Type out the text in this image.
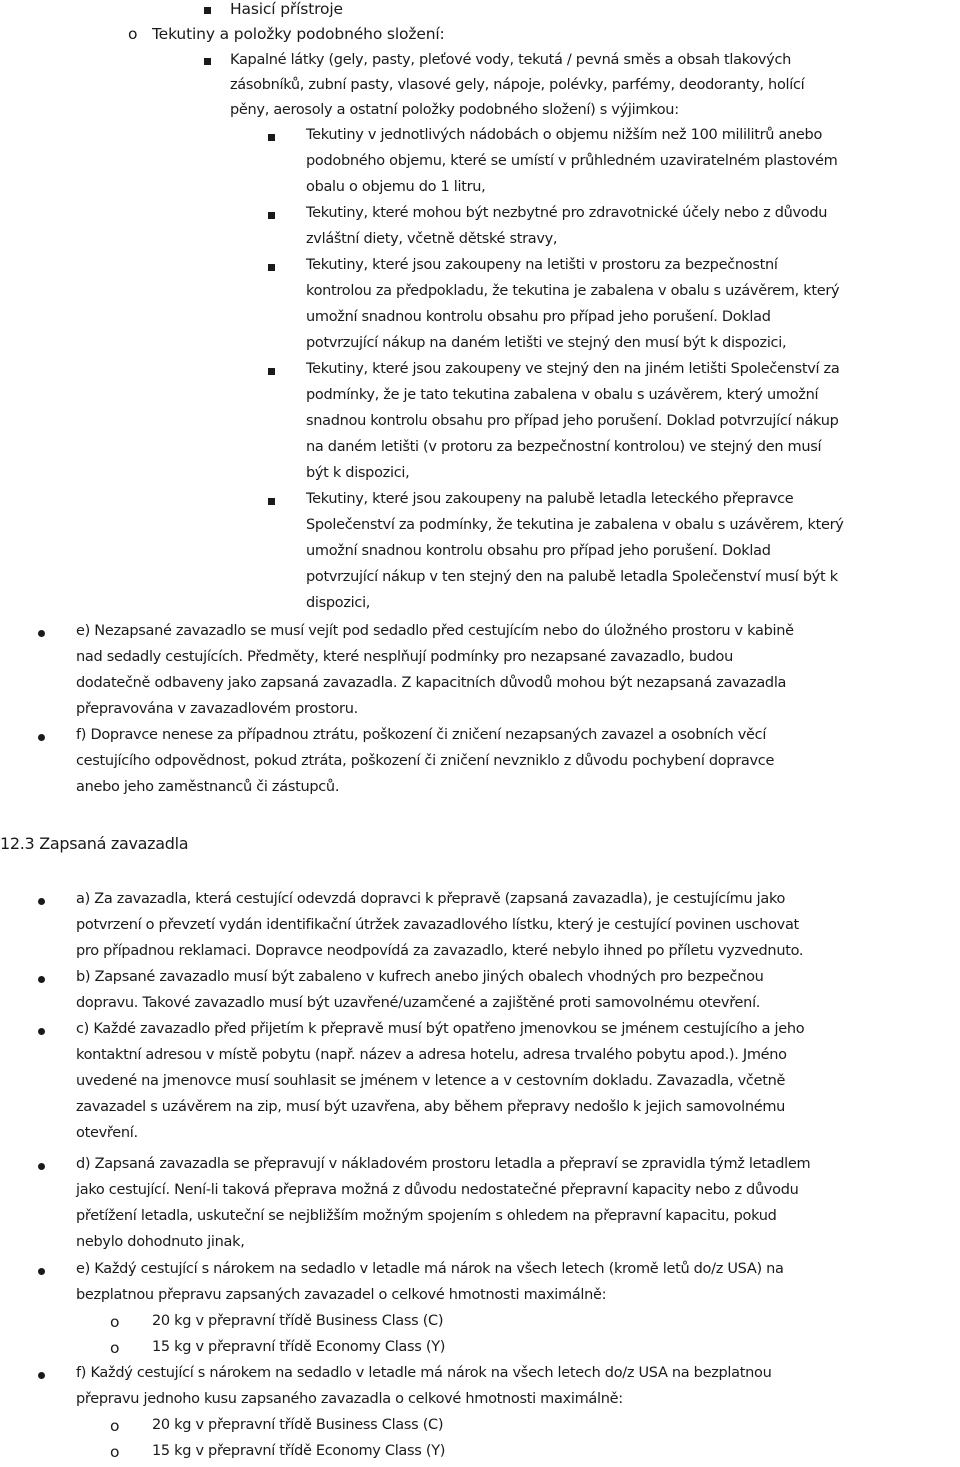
Hasicí přístroje
o Tekutiny a položky podobného složení:
Kapalné látky (gely, pasty, pleťové vody, tekutá / pevná směs a obsah tlakových
zásobníků, zubní pasty, vlasové gely, nápoje, polévky, parfémy, deodoranty, holící
pěny, aerosoly a ostatní položky podobného složení) s výjimkou:
Tekutiny v jednotlivých nádobách o objemu nižším než 100 mililitrů anebo
podobného objemu, které se umístí v průhledném uzaviratelném plastovém
obalu o objemu do 1 litru,
Tekutiny, které mohou být nezbytné pro zdravotnické účely nebo z důvodu
zvláštní diety, včetně dětské stravy,
Tekutiny, které jsou zakoupeny na letišti v prostoru za bezpečnostní
kontrolou za předpokladu, že tekutina je zabalena v obalu s uzávěrem, který
umožní snadnou kontrolu obsahu pro případ jeho porušení. Doklad
potvrzující nákup na daném letišti ve stejný den musí být k dispozici,
Tekutiny, které jsou zakoupeny ve stejný den na jiném letišti Společenství za
podmínky, že je tato tekutina zabalena v obalu s uzávěrem, který umožní
snadnou kontrolu obsahu pro případ jeho porušení. Doklad potvrzující nákup
na daném letišti (v protoru za bezpečnostní kontrolou) ve stejný den musí
být k dispozici,
Tekutiny, které jsou zakoupeny na palubě letadla leteckého přepravce
Společenství za podmínky, že tekutina je zabalena v obalu s uzávěrem, který
umožní snadnou kontrolu obsahu pro případ jeho porušení. Doklad
potvrzující nákup v ten stejný den na palubě letadla Společenství musí být k
dispozici,
e) Nezapsané zavazadlo se musí vejít pod sedadlo před cestujícím nebo do úložného prostoru v kabině
nad sedadly cestujících. Předměty, které nesplňují podmínky pro nezapsané zavazadlo, budou
dodatečně odbaveny jako zapsaná zavazadla. Z kapacitních důvodů mohou být nezapsaná zavazadla
přepravována v zavazadlovém prostoru.
f) Dopravce nenese za případnou ztrátu, poškození či zničení nezapsaných zavazel a osobních věcí
cestujícího odpovědnost, pokud ztráta, poškození či zničení nevzniklo z důvodu pochybení dopravce
anebo jeho zaměstnanců či zástupců.
12.3 Zapsaná zavazadla
a) Za zavazadla, která cestující odevzdá dopravci k přepravě (zapsaná zavazadla), je cestujícímu jako
potvrzení o převzetí vydán identifikační útržek zavazadlového lístku, který je cestující povinen uschovat
pro případnou reklamaci. Dopravce neodpovídá za zavazadlo, které nebylo ihned po příletu vyzvednuto.
b) Zapsané zavazadlo musí být zabaleno v kufrech anebo jiných obalech vhodných pro bezpečnou
dopravu. Takové zavazadlo musí být uzavřené/uzamčené a zajištěné proti samovolnému otevření.
c) Každé zavazadlo před přijetím k přepravě musí být opatřeno jmenovkou se jménem cestujícího a jeho
kontaktní adresou v místě pobytu (např. název a adresa hotelu, adresa trvalého pobytu apod.). Jméno
uvedené na jmenovce musí souhlasit se jménem v letence a v cestovním dokladu. Zavazadla, včetně
zavazadel s uzávěrem na zip, musí být uzavřena, aby během přepravy nedošlo k jejich samovolnému
otevření.
d) Zapsaná zavazadla se přepravují v nákladovém prostoru letadla a přepraví se zpravidla týmž letadlem
jako cestující. Není-li taková přeprava možná z důvodu nedostatečné přepravní kapacity nebo z důvodu
přetížení letadla, uskuteční se nejbližším možným spojením s ohledem na přepravní kapacitu, pokud
nebylo dohodnuto jinak,
e) Každý cestující s nárokem na sedadlo v letadle má nárok na všech letech (kromě letů do/z USA) na
bezplatnou přepravu zapsaných zavazadel o celkové hmotnosti maximálně:
o 20 kg v přepravní třídě Business Class (C)
o 15 kg v přepravní třídě Economy Class (Y)
f) Každý cestující s nárokem na sedadlo v letadle má nárok na všech letech do/z USA na bezplatnou
přepravu jednoho kusu zapsaného zavazadla o celkové hmotnosti maximálně:
o 20 kg v přepravní třídě Business Class (C)
o 15 kg v přepravní třídě Economy Class (Y)
